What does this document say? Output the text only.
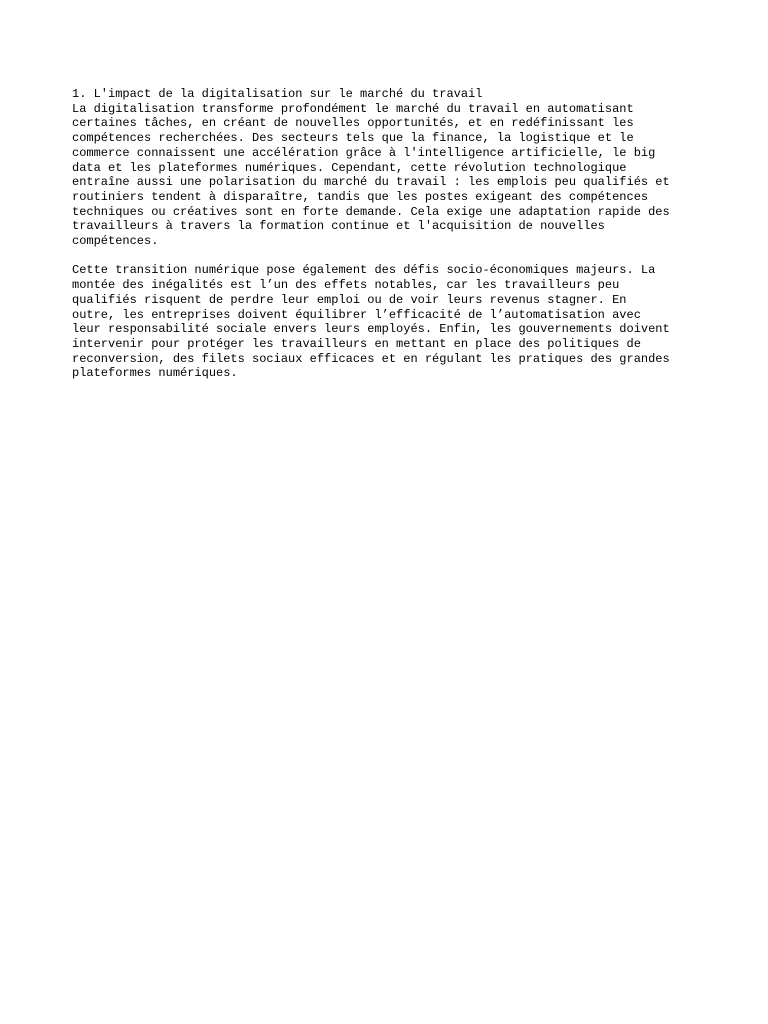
1. L'impact de la digitalisation sur le marché du travail
La digitalisation transforme profondément le marché du travail en automatisant
certaines tâches, en créant de nouvelles opportunités, et en redéfinissant les
compétences recherchées. Des secteurs tels que la finance, la logistique et le
commerce connaissent une accélération grâce à l'intelligence artificielle, le big
data et les plateformes numériques. Cependant, cette révolution technologique
entraîne aussi une polarisation du marché du travail : les emplois peu qualifiés et
routiniers tendent à disparaître, tandis que les postes exigeant des compétences
techniques ou créatives sont en forte demande. Cela exige une adaptation rapide des
travailleurs à travers la formation continue et l'acquisition de nouvelles
compétences.
Cette transition numérique pose également des défis socio-économiques majeurs. La
montée des inégalités est l’un des effets notables, car les travailleurs peu
qualifiés risquent de perdre leur emploi ou de voir leurs revenus stagner. En
outre, les entreprises doivent équilibrer l’efficacité de l’automatisation avec
leur responsabilité sociale envers leurs employés. Enfin, les gouvernements doivent
intervenir pour protéger les travailleurs en mettant en place des politiques de
reconversion, des filets sociaux efficaces et en régulant les pratiques des grandes
plateformes numériques.
